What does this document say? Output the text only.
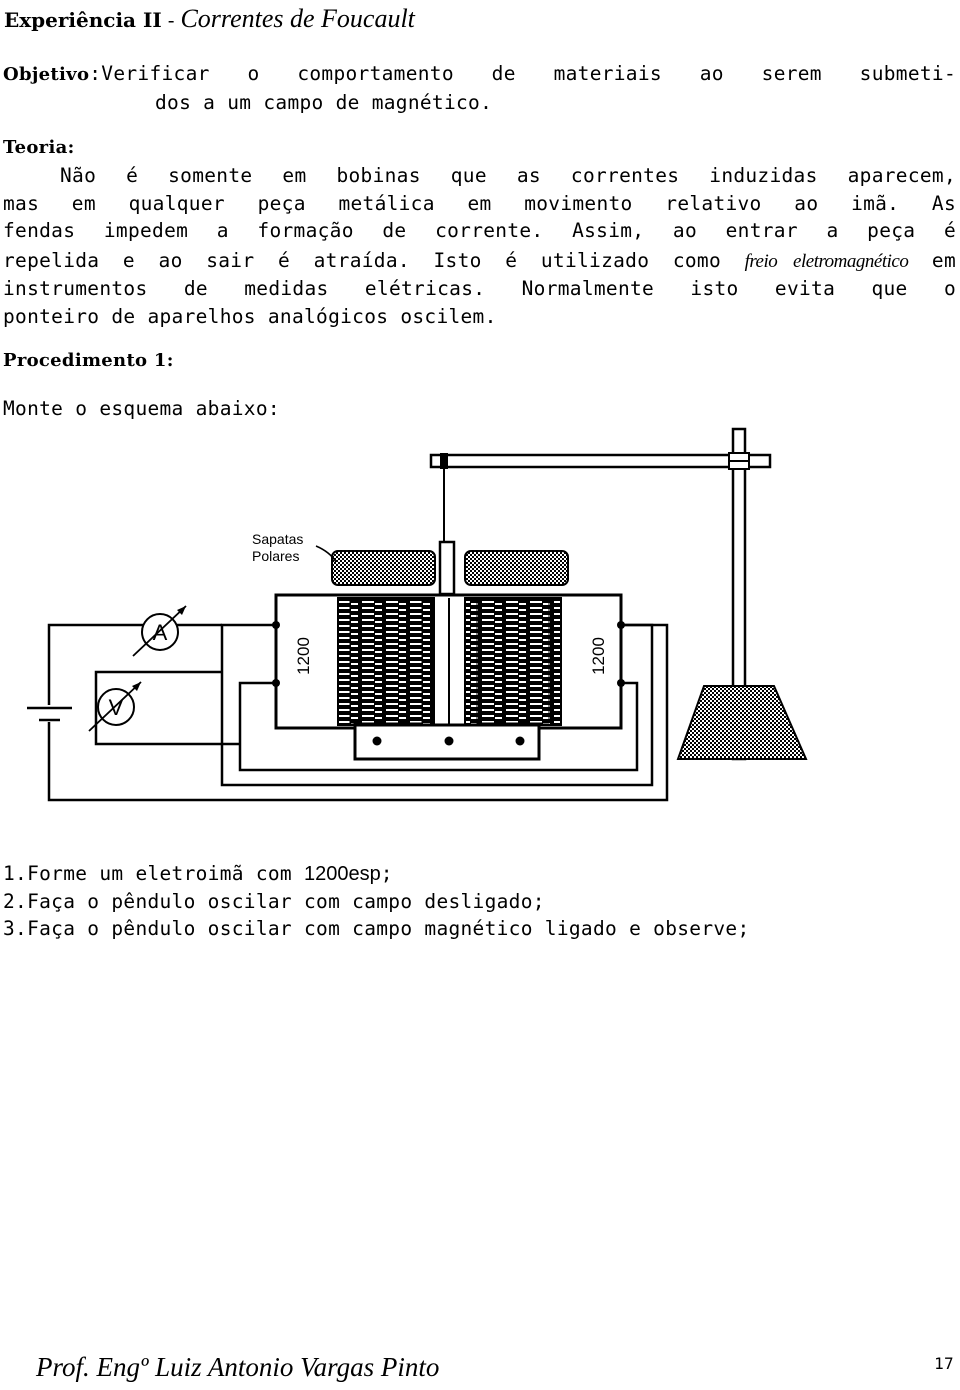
Experiência II - Correntes de Foucault
Objetivo:Verificar o comportamento de materiais ao serem submeti-
dos a um campo de magnético.
Teoria:
Não é somente em bobinas que as correntes induzidas aparecem,
mas em qualquer peça metálica em movimento relativo ao imã. As
fendas impedem a formação de corrente. Assim, ao entrar a peça é
repelida e ao sair é atraída. Isto é utilizado como freio eletromagnético em
instrumentos de medidas elétricas. Normalmente isto evita que o
ponteiro de aparelhos analógicos oscilem.
Procedimento 1:
Monte o esquema abaixo:
Sapatas
Polares
1200	1200
A
V
1.Forme um eletroimã com 1200esp;
2.Faça o pêndulo oscilar com campo desligado;
3.Faça o pêndulo oscilar com campo magnético ligado e observe;
Prof. Engº Luiz Antonio Vargas Pinto	17
